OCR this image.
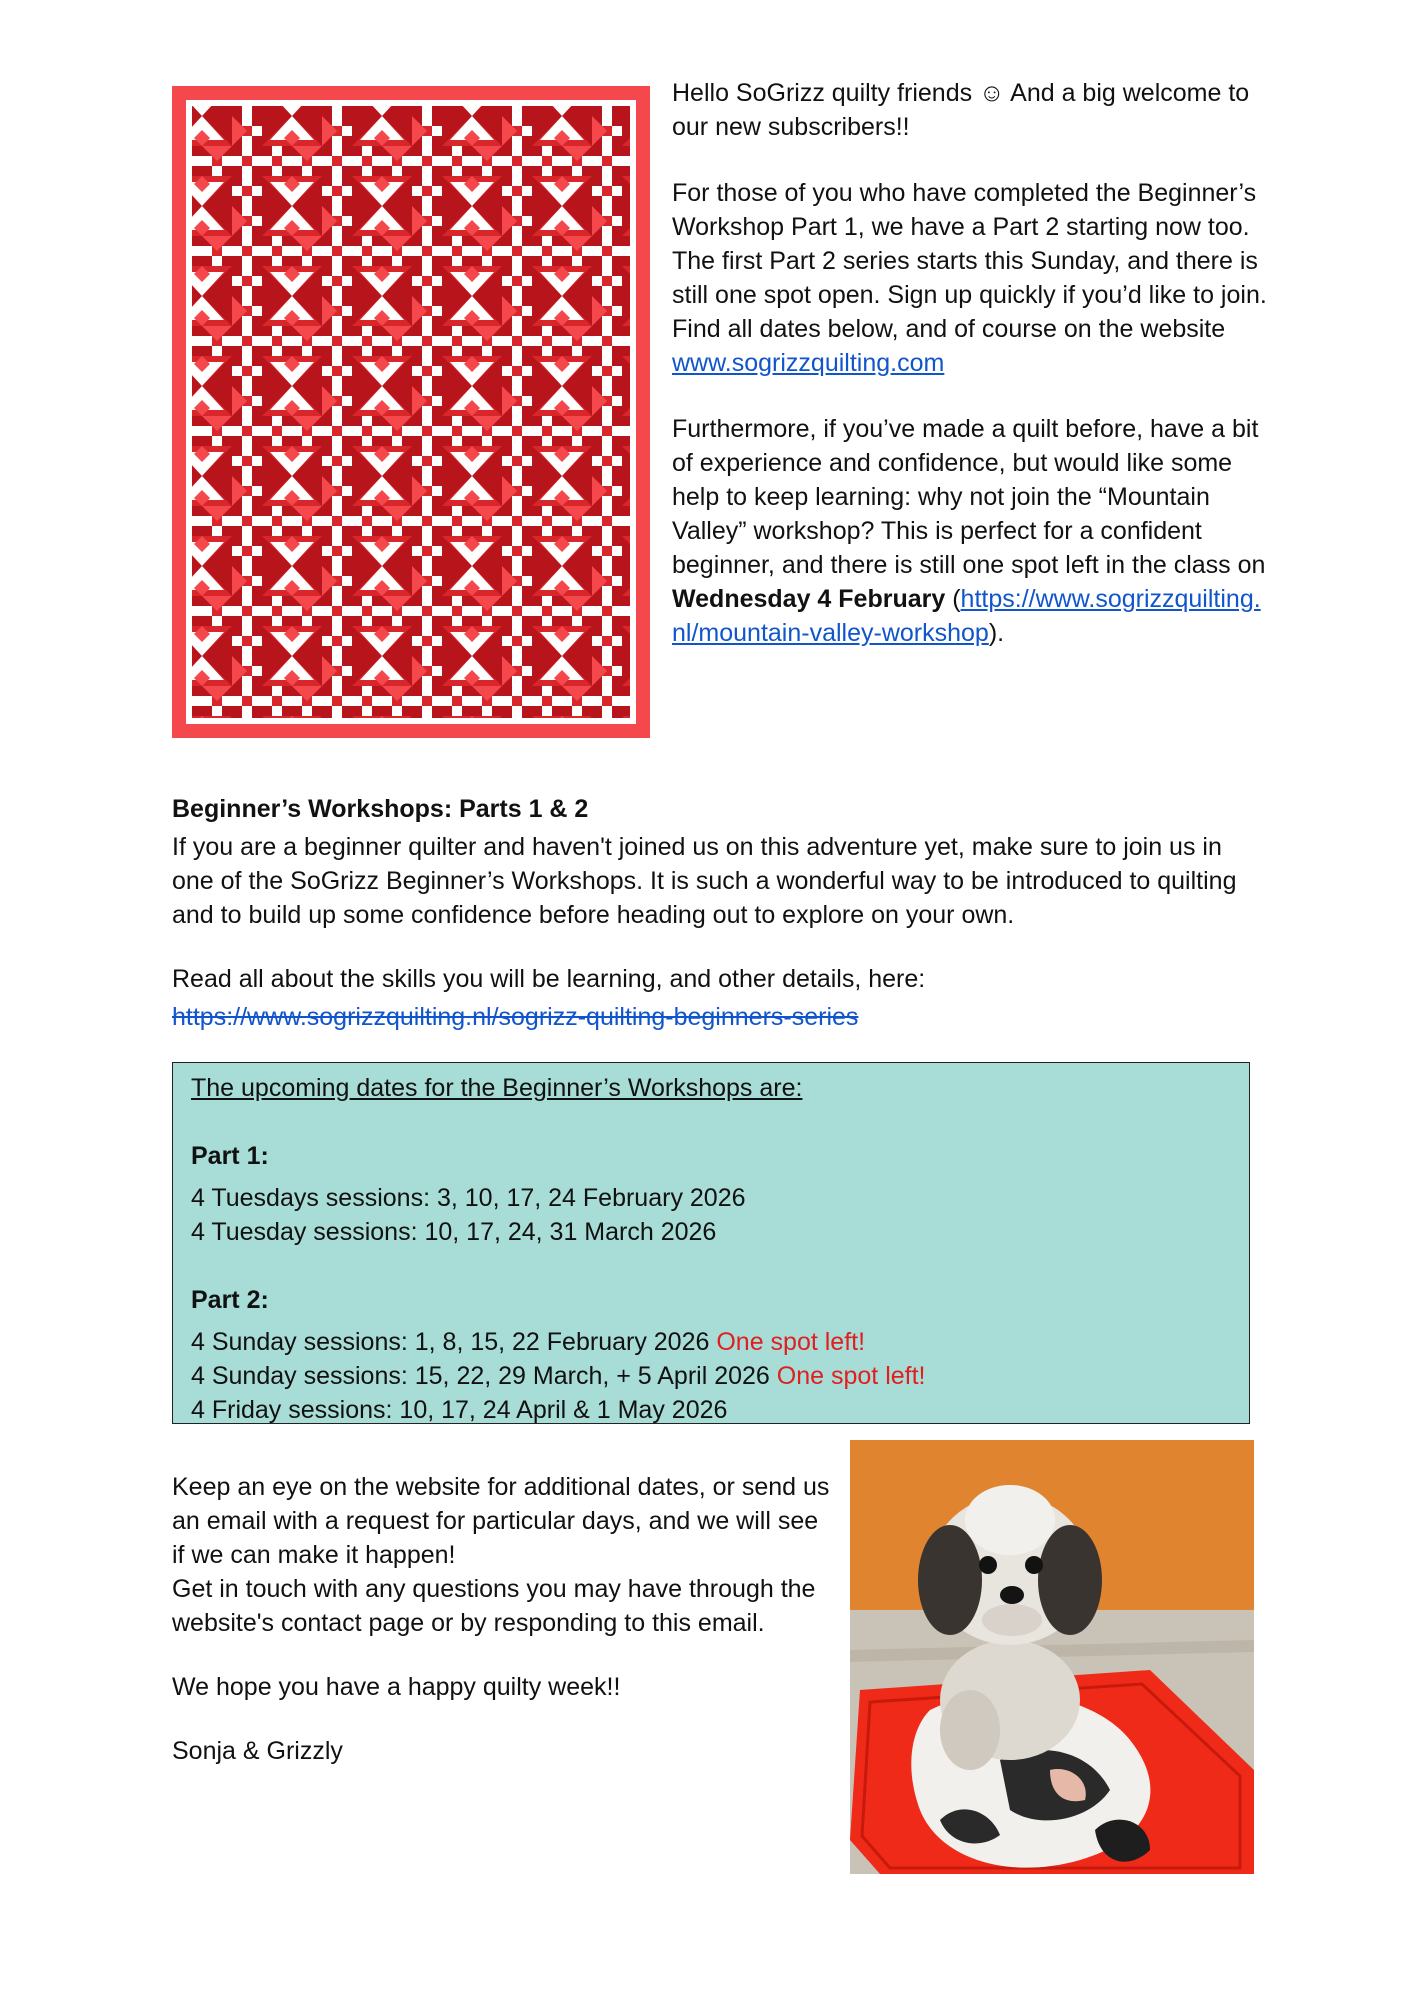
Hello SoGrizz quilty friends ☺ And a big welcome to our new subscribers!!

For those of you who have completed the Beginner’s Workshop Part 1, we have a Part 2 starting now too. The first Part 2 series starts this Sunday, and there is still one spot open. Sign up quickly if you’d like to join. Find all dates below, and of course on the website www.sogrizzquilting.com

Furthermore, if you’ve made a quilt before, have a bit of experience and confidence, but would like some help to keep learning: why not join the “Mountain Valley” workshop? This is perfect for a confident beginner, and there is still one spot left in the class on Wednesday 4 February (https://www.sogrizzquilting.nl/mountain-valley-workshop).

Beginner’s Workshops: Parts 1 & 2

If you are a beginner quilter and haven't joined us on this adventure yet, make sure to join us in one of the SoGrizz Beginner’s Workshops. It is such a wonderful way to be introduced to quilting and to build up some confidence before heading out to explore on your own.

Read all about the skills you will be learning, and other details, here:

https://www.sogrizzquilting.nl/sogrizz-quilting-beginners-series

The upcoming dates for the Beginner’s Workshops are:

Part 1:

4 Tuesdays sessions: 3, 10, 17, 24 February 2026

4 Tuesday sessions: 10, 17, 24, 31 March 2026

Part 2:

4 Sunday sessions: 1, 8, 15, 22 February 2026 One spot left!

4 Sunday sessions: 15, 22, 29 March, + 5 April 2026 One spot left!

4 Friday sessions: 10, 17, 24 April & 1 May 2026

Keep an eye on the website for additional dates, or send us an email with a request for particular days, and we will see if we can make it happen!

Get in touch with any questions you may have through the website's contact page or by responding to this email.

We hope you have a happy quilty week!!

Sonja & Grizzly
